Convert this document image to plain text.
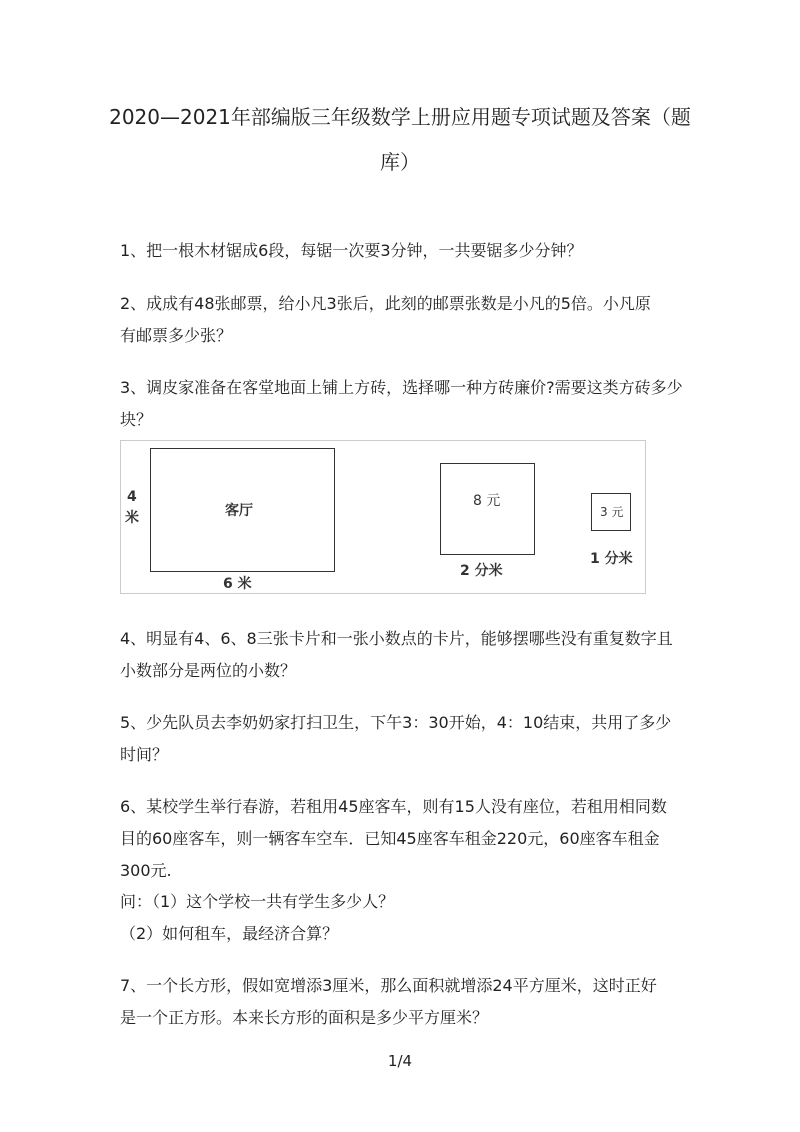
2020—2021年部编版三年级数学上册应用题专项试题及答案（题
库）
1、把一根木材锯成6段，每锯一次要3分钟，一共要锯多少分钟？
2、成成有48张邮票，给小凡3张后，此刻的邮票张数是小凡的5倍。小凡原
有邮票多少张？
3、调皮家准备在客堂地面上铺上方砖，选择哪一种方砖廉价?需要这类方砖多少
块？
4
米	客厅
6 米
8 元
2 分米
3 元
1 分米
4、明显有4、6、8三张卡片和一张小数点的卡片，能够摆哪些没有重复数字且
小数部分是两位的小数？
5、少先队员去李奶奶家打扫卫生，下午3：30开始，4：10结束，共用了多少
时间？
6、某校学生举行春游，若租用45座客车，则有15人没有座位，若租用相同数
目的60座客车，则一辆客车空车．已知45座客车租金220元，60座客车租金
300元.
问：（1）这个学校一共有学生多少人？
（2）如何租车，最经济合算？
7、一个长方形，假如宽增添3厘米，那么面积就增添24平方厘米，这时正好
是一个正方形。本来长方形的面积是多少平方厘米？
1/4
